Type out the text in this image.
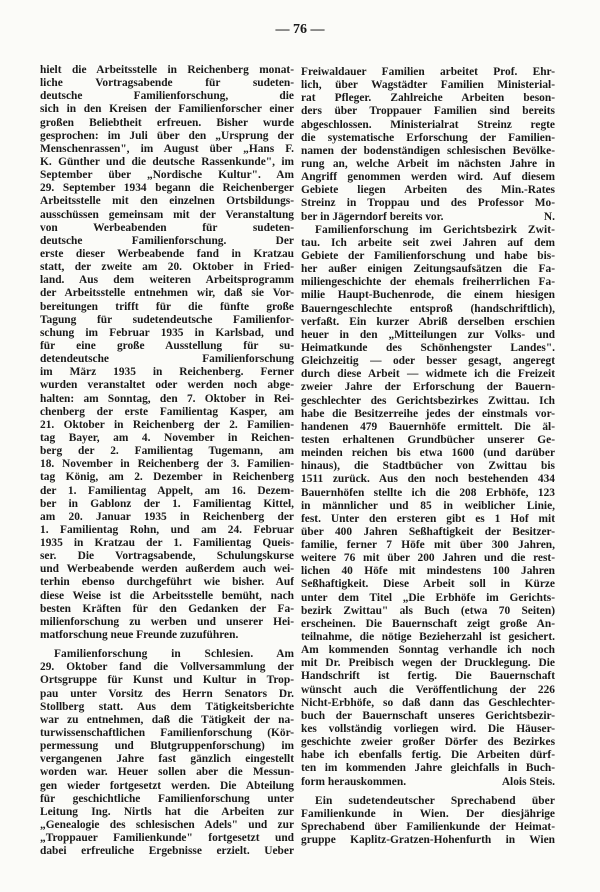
— 76 —
hielt die Arbeitsstelle in Reichenberg monat-
liche Vortragsabende für sudeten-
deutsche Familienforschung, die
sich in den Kreisen der Familienforscher einer
großen Beliebtheit erfreuen. Bisher wurde
gesprochen: im Juli über den „Ursprung der
Menschenrassen", im August über „Hans F.
K. Günther und die deutsche Rassenkunde", im
September über „Nordische Kultur". Am
29. September 1934 begann die Reichenberger
Arbeitsstelle mit den einzelnen Ortsbildungs-
ausschüssen gemeinsam mit der Veranstaltung
von Werbeabenden für sudeten-
deutsche Familienforschung. Der
erste dieser Werbeabende fand in Kratzau
statt, der zweite am 20. Oktober in Fried-
land. Aus dem weiteren Arbeitsprogramm
der Arbeitsstelle entnehmen wir, daß sie Vor-
bereitungen trifft für die fünfte große
Tagung für sudetendeutsche Familienfor-
schung im Februar 1935 in Karlsbad, und
für eine große Ausstellung für su-
detendeutsche Familienforschung
im März 1935 in Reichenberg. Ferner
wurden veranstaltet oder werden noch abge-
halten: am Sonntag, den 7. Oktober in Rei-
chenberg der erste Familientag Kasper, am
21. Oktober in Reichenberg der 2. Familien-
tag Bayer, am 4. November in Reichen-
berg der 2. Familientag Tugemann, am
18. November in Reichenberg der 3. Familien-
tag König, am 2. Dezember in Reichenberg
der 1. Familientag Appelt, am 16. Dezem-
ber in Gablonz der 1. Familientag Kittel,
am 20. Januar 1935 in Reichenberg der
1. Familientag Rohn, und am 24. Februar
1935 in Kratzau der 1. Familientag Queis-
ser. Die Vortragsabende, Schulungskurse
und Werbeabende werden außerdem auch wei-
terhin ebenso durchgeführt wie bisher. Auf
diese Weise ist die Arbeitsstelle bemüht, nach
besten Kräften für den Gedanken der Fa-
milienforschung zu werben und unserer Hei-
matforschung neue Freunde zuzuführen.
Familienforschung in Schlesien. Am
29. Oktober fand die Vollversammlung der
Ortsgruppe für Kunst und Kultur in Trop-
pau unter Vorsitz des Herrn Senators Dr.
Stollberg statt. Aus dem Tätigkeitsberichte
war zu entnehmen, daß die Tätigkeit der na-
turwissenschaftlichen Familienforschung (Kör-
permessung und Blutgruppenforschung) im
vergangenen Jahre fast gänzlich eingestellt
worden war. Heuer sollen aber die Messun-
gen wieder fortgesetzt werden. Die Abteilung
für geschichtliche Familienforschung unter
Leitung Ing. Nirtls hat die Arbeiten zur
„Genealogie des schlesischen Adels" und zur
„Troppauer Familienkunde" fortgesetzt und
dabei erfreuliche Ergebnisse erzielt. Ueber
Freiwaldauer Familien arbeitet Prof. Ehr-
lich, über Wagstädter Familien Ministerial-
rat Pfleger. Zahlreiche Arbeiten beson-
ders über Troppauer Familien sind bereits
abgeschlossen. Ministerialrat Streinz regte
die systematische Erforschung der Familien-
namen der bodenständigen schlesischen Bevölke-
rung an, welche Arbeit im nächsten Jahre in
Angriff genommen werden wird. Auf diesem
Gebiete liegen Arbeiten des Min.-Rates
Streinz in Troppau und des Professor Mo-
ber in Jägerndorf bereits vor.	N.
Familienforschung im Gerichtsbezirk Zwit-
tau. Ich arbeite seit zwei Jahren auf dem
Gebiete der Familienforschung und habe bis-
her außer einigen Zeitungsaufsätzen die Fa-
miliengeschichte der ehemals freiherrlichen Fa-
milie Haupt-Buchenrode, die einem hiesigen
Bauerngeschlechte entsproß (handschriftlich),
verfaßt. Ein kurzer Abriß derselben erschien
heuer in den „Mitteilungen zur Volks- und
Heimatkunde des Schönhengster Landes".
Gleichzeitig — oder besser gesagt, angeregt
durch diese Arbeit — widmete ich die Freizeit
zweier Jahre der Erforschung der Bauern-
geschlechter des Gerichtsbezirkes Zwittau. Ich
habe die Besitzerreihe jedes der einstmals vor-
handenen 479 Bauernhöfe ermittelt. Die äl-
testen erhaltenen Grundbücher unserer Ge-
meinden reichen bis etwa 1600 (und darüber
hinaus), die Stadtbücher von Zwittau bis
1511 zurück. Aus den noch bestehenden 434
Bauernhöfen stellte ich die 208 Erbhöfe, 123
in männlicher und 85 in weiblicher Linie,
fest. Unter den ersteren gibt es 1 Hof mit
über 400 Jahren Seßhaftigkeit der Besitzer-
familie, ferner 7 Höfe mit über 300 Jahren,
weitere 76 mit über 200 Jahren und die rest-
lichen 40 Höfe mit mindestens 100 Jahren
Seßhaftigkeit. Diese Arbeit soll in Kürze
unter dem Titel „Die Erbhöfe im Gerichts-
bezirk Zwittau" als Buch (etwa 70 Seiten)
erscheinen. Die Bauernschaft zeigt große An-
teilnahme, die nötige Bezieherzahl ist gesichert.
Am kommenden Sonntag verhandle ich noch
mit Dr. Preibisch wegen der Drucklegung. Die
Handschrift ist fertig. Die Bauernschaft
wünscht auch die Veröffentlichung der 226
Nicht-Erbhöfe, so daß dann das Geschlechter-
buch der Bauernschaft unseres Gerichtsbezir-
kes vollständig vorliegen wird. Die Häuser-
geschichte zweier großer Dörfer des Bezirkes
habe ich ebenfalls fertig. Die Arbeiten dürf-
ten im kommenden Jahre gleichfalls in Buch-
form herauskommen.	Alois Steis.
Ein sudetendeutscher Sprechabend über
Familienkunde in Wien. Der diesjährige
Sprechabend über Familienkunde der Heimat-
gruppe Kaplitz-Gratzen-Hohenfurth in Wien
